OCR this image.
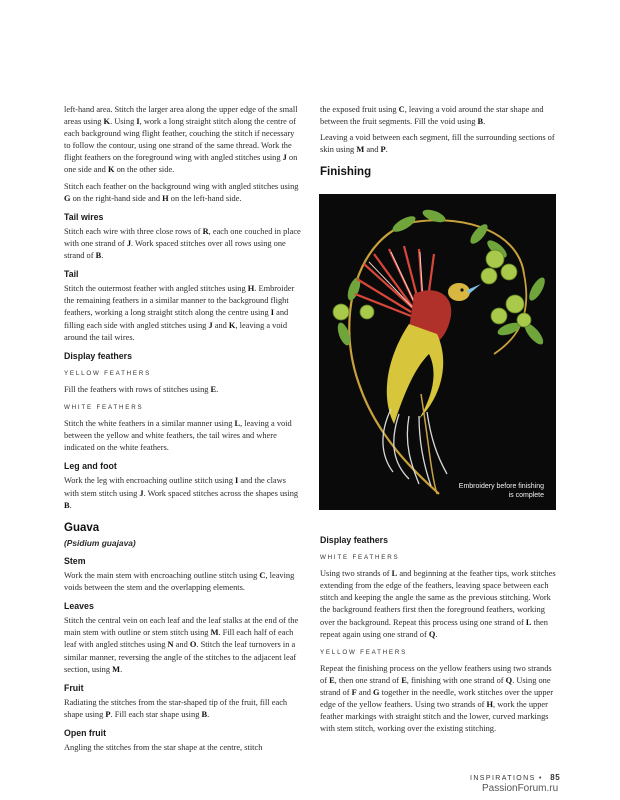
left-hand area. Stitch the larger area along the upper edge of the small areas using K. Using I, work a long straight stitch along the centre of each background wing flight feather, couching the stitch if necessary to follow the contour, using one strand of the same thread. Work the flight feathers on the foreground wing with angled stitches using J on one side and K on the other side.

Stitch each feather on the background wing with angled stitches using G on the right-hand side and H on the left-hand side.

Tail wires

Stitch each wire with three close rows of R, each one couched in place with one strand of J. Work spaced stitches over all rows using one strand of B.

Tail

Stitch the outermost feather with angled stitches using H. Embroider the remaining feathers in a similar manner to the background flight feathers, working a long straight stitch along the centre using I and filling each side with angled stitches using J and K, leaving a void around the tail wires.

Display feathers
YELLOW FEATHERS

Fill the feathers with rows of stitches using E.

WHITE FEATHERS

Stitch the white feathers in a similar manner using L, leaving a void between the yellow and white feathers, the tail wires and where indicated on the white feathers.

Leg and foot

Work the leg with encroaching outline stitch using I and the claws with stem stitch using J. Work spaced stitches across the shapes using B.

Guava
(Psidium guajava)
Stem

Work the main stem with encroaching outline stitch using C, leaving voids between the stem and the overlapping elements.

Leaves

Stitch the central vein on each leaf and the leaf stalks at the end of the main stem with outline or stem stitch using M. Fill each half of each leaf with angled stitches using N and O. Stitch the leaf turnovers in a similar manner, reversing the angle of the stitches to the adjacent leaf section, using M.

Fruit

Radiating the stitches from the star-shaped tip of the fruit, fill each shape using P. Fill each star shape using B.

Open fruit

Angling the stitches from the star shape at the centre, stitch

the exposed fruit using C, leaving a void around the star shape and between the fruit segments. Fill the void using B.

Leaving a void between each segment, fill the surrounding sections of skin using M and P.

Finishing
Embroidery before finishing is complete
Display feathers
WHITE FEATHERS

Using two strands of L and beginning at the feather tips, work stitches extending from the edge of the feathers, leaving space between each stitch and keeping the angle the same as the previous stitching. Work the background feathers first then the foreground feathers, working over the background. Repeat this process using one strand of L then repeat again using one strand of Q.

YELLOW FEATHERS

Repeat the finishing process on the yellow feathers using two strands of E, then one strand of E, finishing with one strand of Q. Using one strand of F and G together in the needle, work stitches over the upper edge of the yellow feathers. Using two strands of H, work the upper feather markings with straight stitch and the lower, curved markings with stem stitch, working over the existing stitching.

INSPIRATIONS • 85
PassionForum.ru
